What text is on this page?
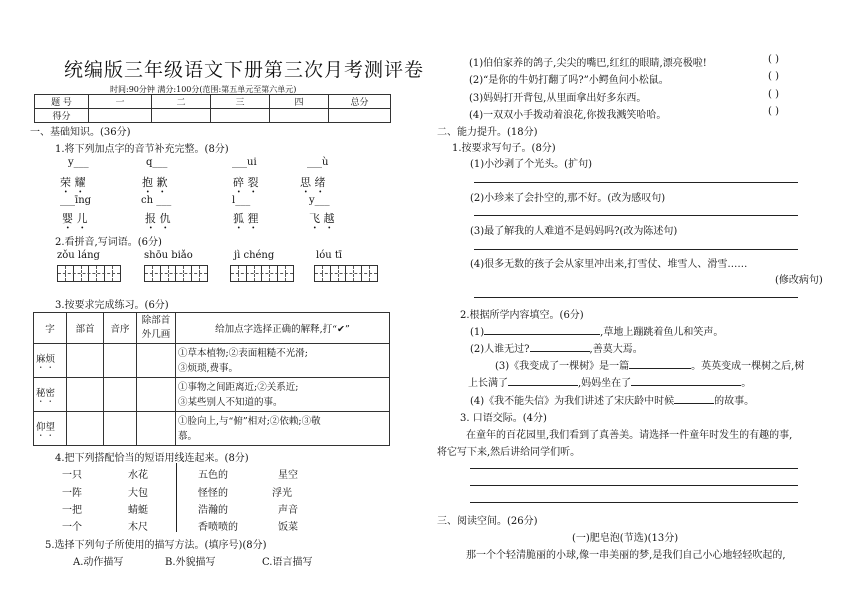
统编版三年级语文下册第三次月考测评卷
时间:90分钟 满分:100分(范围:第五单元至第六单元)
题 号	一	二	三	四	总分
得分					
一、基础知识。(36分)
1.将下列加点字的音节补充完整。(8分)
y___	q___	___ui	___ù
荣 耀	抱 歉	碎 裂	思 绪
___īng	ch ___	l___	y___
婴 儿	报 仇	狐 狸	飞 越
2.看拼音,写词语。(6分)
zǒu láng	shōu biǎo	jì chéng	lóu tī
3.按要求完成练习。(6分)
字	部首	音序	除部首外几画	给加点字选择正确的解释,打“✔”
麻烦				①草本植物;②表面粗糙不光滑;
③烦琐,费事。

秘密				①事物之间距离近;②关系近;
③某些别人不知道的事。

仰望				①脸向上,与“俯”相对;②依赖;③敬
慕。
4.把下列搭配恰当的短语用线连起来。(8分)
一只
一阵
一把
一个
水花
大包
蜻蜓
木尺
五色的
怪怪的
浩瀚的
香喷喷的
星空
浮光
声音
饭菜
5.选择下列句子所使用的描写方法。(填序号)(8分)
A.动作描写	B.外貌描写	C.语言描写
(1)伯伯家养的鸽子,尖尖的嘴巴,红红的眼睛,漂亮极啦!
(2)“是你的牛奶打翻了吗?”小鳄鱼问小松鼠。
(3)妈妈打开背包,从里面拿出好多东西。
(4)一双双小手拨动着浪花,你拨我溅笑哈哈。
( )
( )
( )
( )
二、能力提升。(18分)
1.按要求写句子。(8分)
(1)小沙剥了个光头。(扩句)
(2)小珍来了会扑空的,那不好。(改为感叹句)
(3)最了解我的人难道不是妈妈吗?(改为陈述句)
(4)很多无数的孩子会从家里冲出来,打雪仗、堆雪人、滑雪……
(修改病句)
2.根据所学内容填空。(6分)
(1)	,草地上蹦跳着鱼儿和笑声。
(2)人谁无过?	,善莫大焉。
(3)《我变成了一棵树》是一篇	。英英变成一棵树之后,树
上长满了	,妈妈坐在了	。
(4)《我不能失信》为我们讲述了宋庆龄中时候	的故事。
3. 口语交际。(4分)
在童年的百花园里,我们看到了真善美。请选择一件童年时发生的有趣的事,
将它写下来,然后讲给同学们听。
三、阅读空间。(26分)
(一)肥皂泡(节选)(13分)
那一个个轻清脆丽的小球,像一串美丽的梦,是我们自己小心地轻轻吹起的,
